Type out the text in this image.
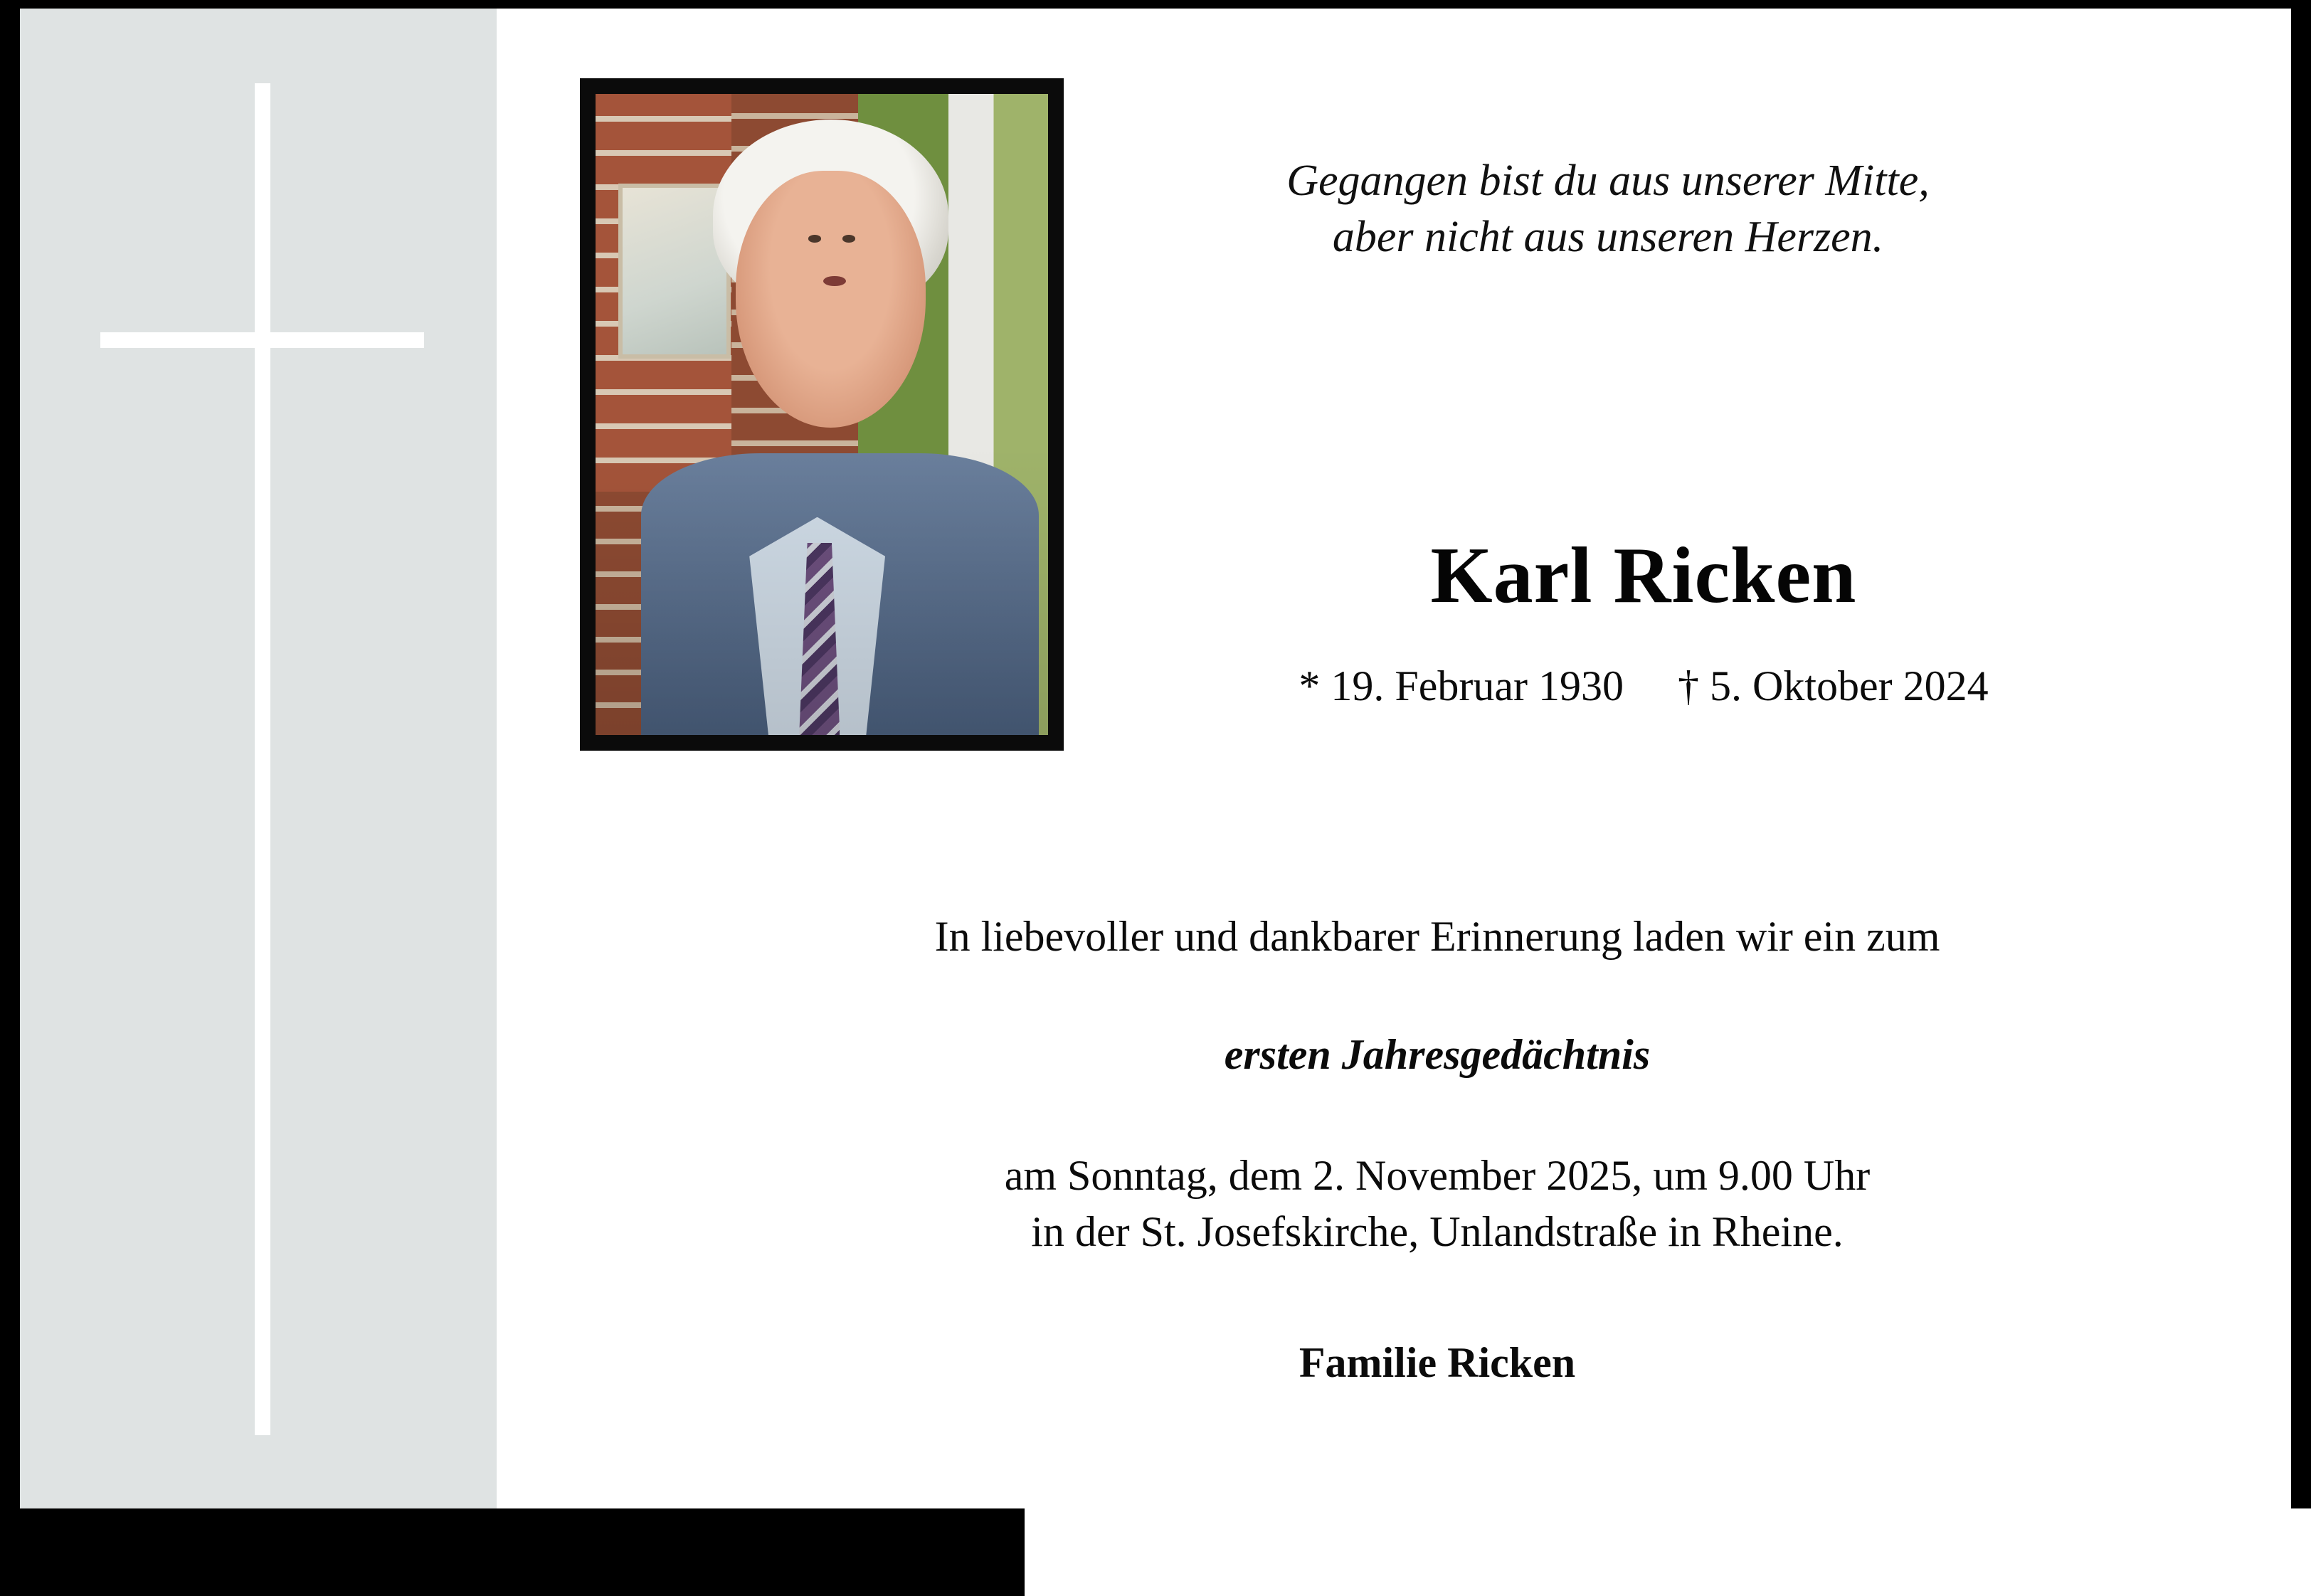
Gegangen bist du aus unserer Mitte,
aber nicht aus unseren Herzen.
Karl Ricken
* 19. Februar 1930 † 5. Oktober 2024
In liebevoller und dankbarer Erinnerung laden wir ein zum
ersten Jahresgedächtnis
am Sonntag, dem 2. November 2025, um 9.00 Uhr
in der St. Josefskirche, Unlandstraße in Rheine.
Familie Ricken
